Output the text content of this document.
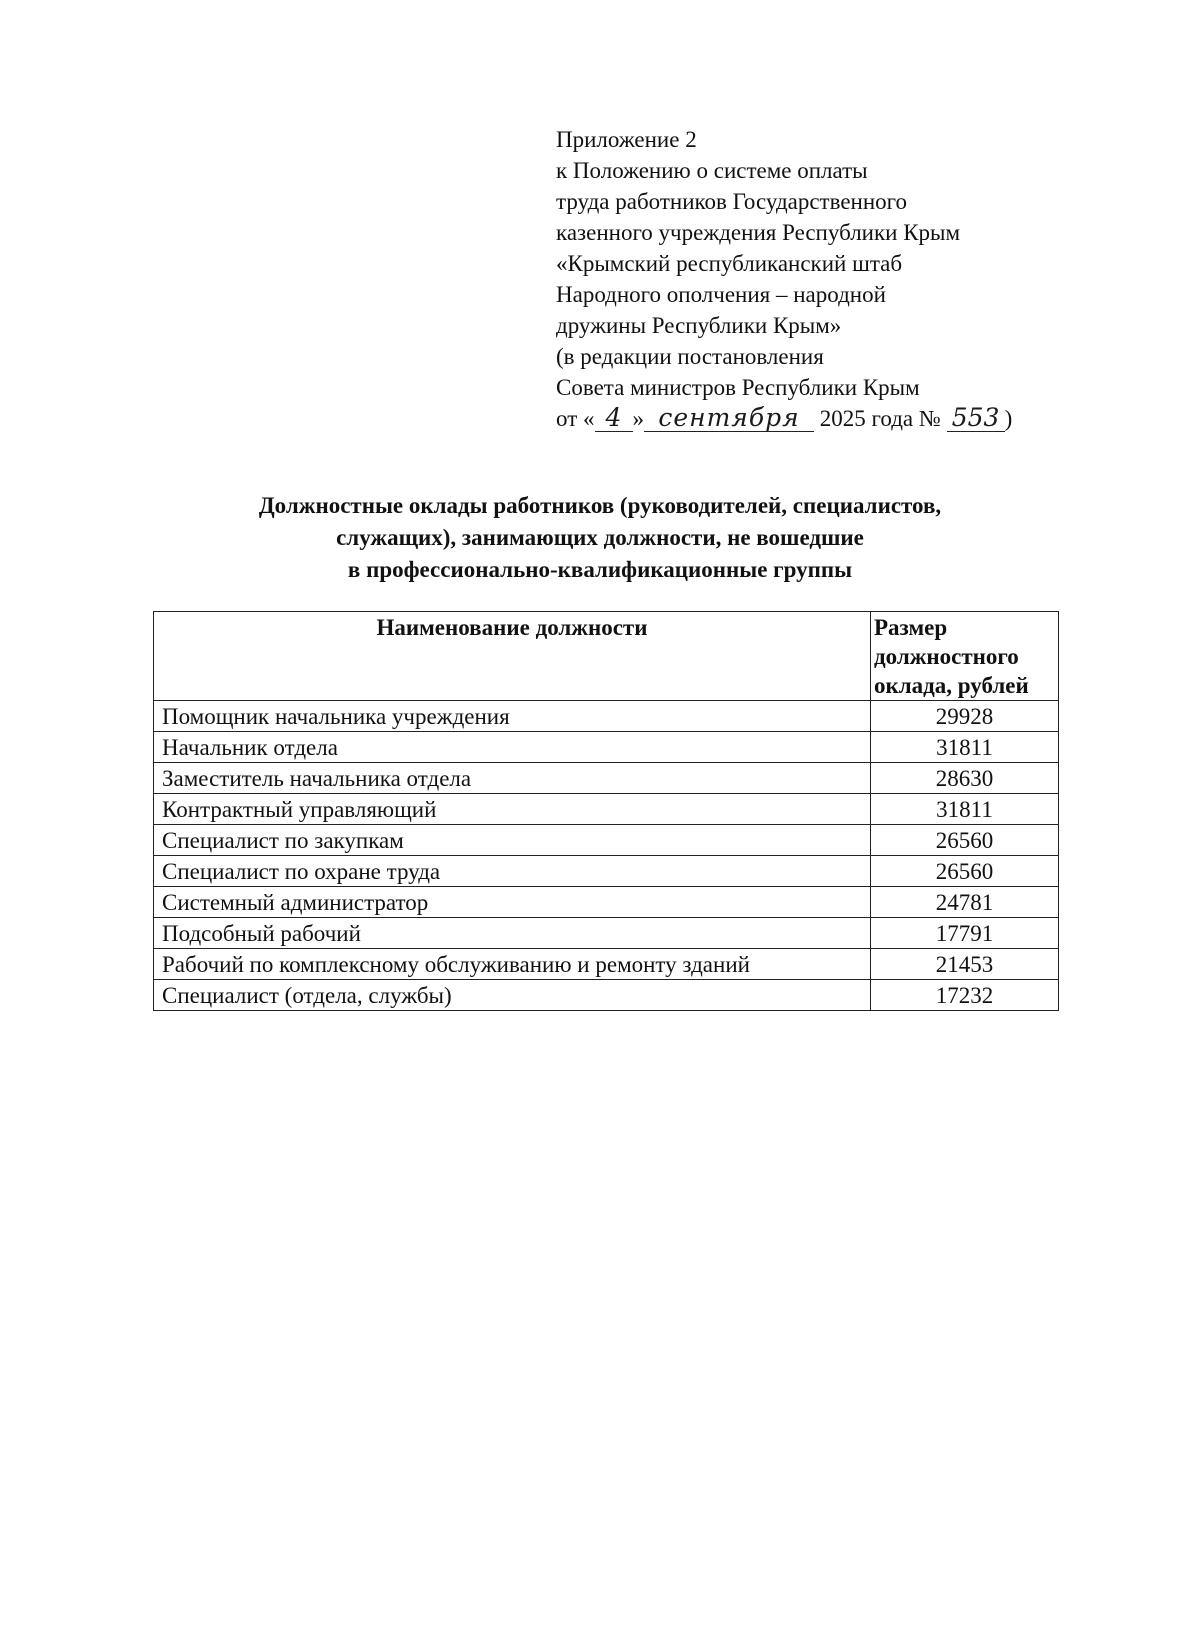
Приложение 2
к Положению о системе оплаты
труда работников Государственного
казенного учреждения Республики Крым
«Крымский республиканский штаб
Народного ополчения – народной
дружины Республики Крым»
(в редакции постановления
Совета министров Республики Крым
от « 4 » сентября 2025 года № 553 )
Должностные оклады работников (руководителей, специалистов,
служащих), занимающих должности, не вошедшие
в профессионально-квалификационные группы
Наименование должности	Размер
должностного
оклада, рублей

Помощник начальника учреждения	29928
Начальник отдела	31811
Заместитель начальника отдела	28630
Контрактный управляющий	31811
Специалист по закупкам	26560
Специалист по охране труда	26560
Системный администратор	24781
Подсобный рабочий	17791
Рабочий по комплексному обслуживанию и ремонту зданий	21453
Специалист (отдела, службы)	17232
